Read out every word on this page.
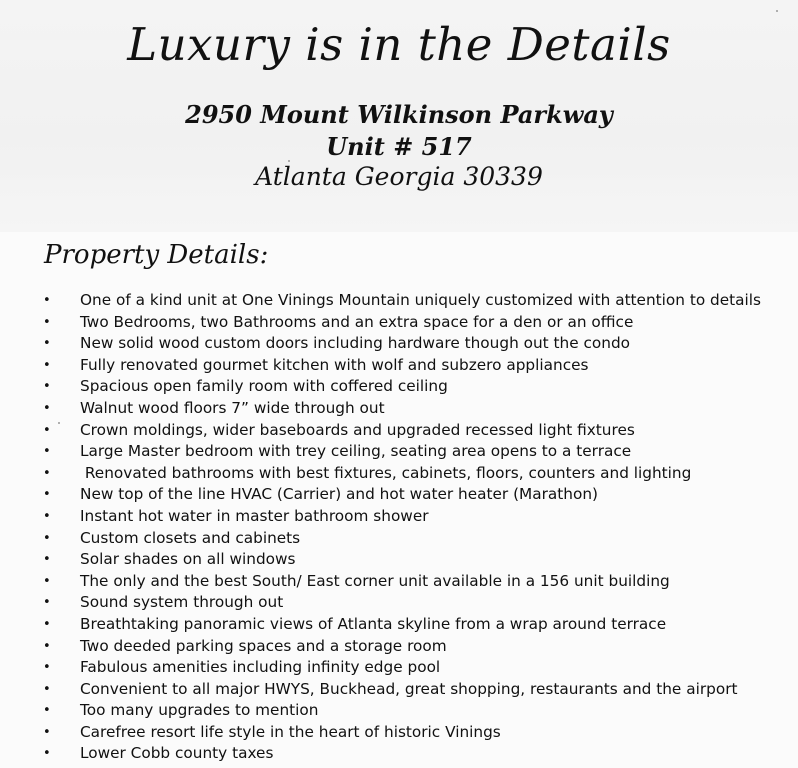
Luxury is in the Details
2950 Mount Wilkinson Parkway
Unit # 517
Atlanta Georgia 30339
Property Details:
• One of a kind unit at One Vinings Mountain uniquely customized with attention to details
• Two Bedrooms, two Bathrooms and an extra space for a den or an office
• New solid wood custom doors including hardware though out the condo
• Fully renovated gourmet kitchen with wolf and subzero appliances
• Spacious open family room with coffered ceiling
• Walnut wood floors 7” wide through out
• Crown moldings, wider baseboards and upgraded recessed light fixtures
• Large Master bedroom with trey ceiling, seating area opens to a terrace
• Renovated bathrooms with best fixtures, cabinets, floors, counters and lighting
• New top of the line HVAC (Carrier) and hot water heater (Marathon)
• Instant hot water in master bathroom shower
• Custom closets and cabinets
• Solar shades on all windows
• The only and the best South/ East corner unit available in a 156 unit building
• Sound system through out
• Breathtaking panoramic views of Atlanta skyline from a wrap around terrace
• Two deeded parking spaces and a storage room
• Fabulous amenities including infinity edge pool
• Convenient to all major HWYS, Buckhead, great shopping, restaurants and the airport
• Too many upgrades to mention
• Carefree resort life style in the heart of historic Vinings
• Lower Cobb county taxes
